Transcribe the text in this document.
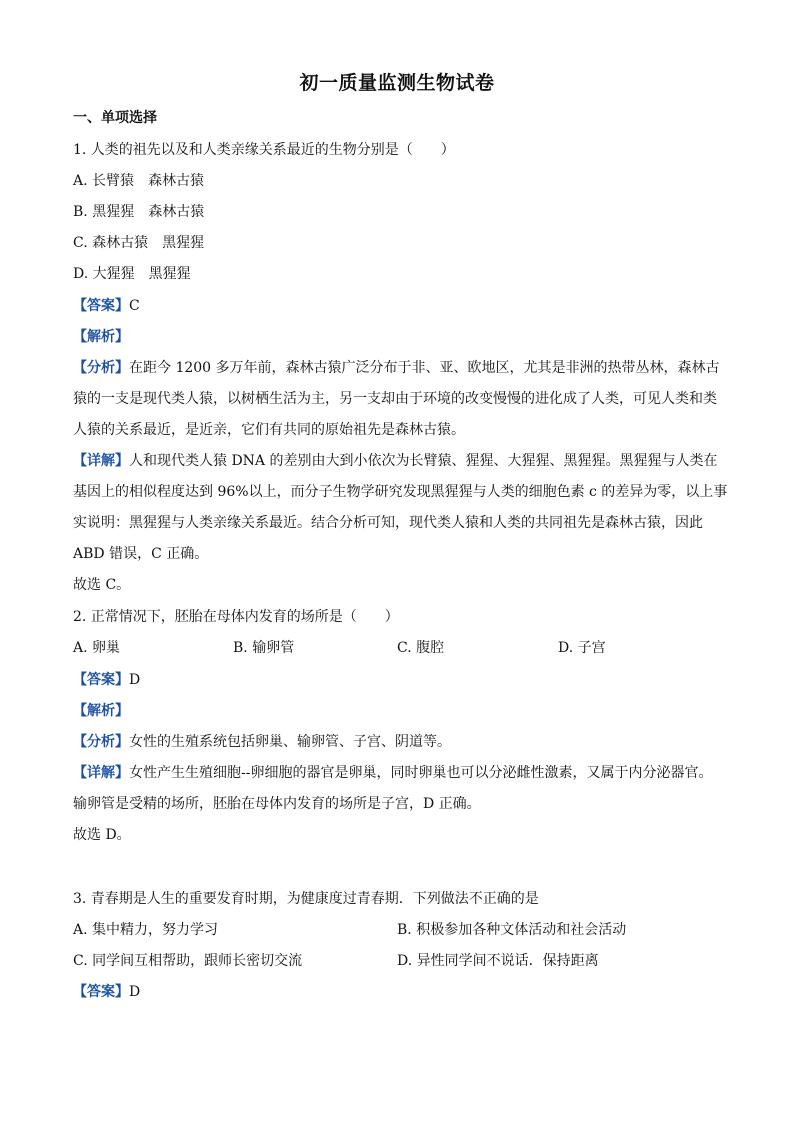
初一质量监测生物试卷
一、单项选择
1. 人类的祖先以及和人类亲缘关系最近的生物分别是（　　）
A. 长臂猿　森林古猿
B. 黑猩猩　森林古猿
C. 森林古猿　黑猩猩
D. 大猩猩　黑猩猩
【答案】C
【解析】
【分析】在距今 1200 多万年前，森林古猿广泛分布于非、亚、欧地区，尤其是非洲的热带丛林，森林古
猿的一支是现代类人猿，以树栖生活为主，另一支却由于环境的改变慢慢的进化成了人类，可见人类和类
人猿的关系最近，是近亲，它们有共同的原始祖先是森林古猿。
【详解】人和现代类人猿 DNA 的差别由大到小依次为长臂猿、猩猩、大猩猩、黑猩猩。黑猩猩与人类在
基因上的相似程度达到 96%以上，而分子生物学研究发现黑猩猩与人类的细胞色素 c 的差异为零，以上事
实说明：黑猩猩与人类亲缘关系最近。结合分析可知，现代类人猿和人类的共同祖先是森林古猿，因此
ABD 错误，C 正确。
故选 C。
2. 正常情况下，胚胎在母体内发育的场所是（　　）
A. 卵巢	B. 输卵管	C. 腹腔	D. 子宫
【答案】D
【解析】
【分析】女性的生殖系统包括卵巢、输卵管、子宫、阴道等。
【详解】女性产生生殖细胞--卵细胞的器官是卵巢，同时卵巢也可以分泌雌性激素，又属于内分泌器官。
输卵管是受精的场所，胚胎在母体内发育的场所是子宫，D 正确。
故选 D。
3. 青春期是人生的重要发育时期，为健康度过青春期．下列做法不正确的是
A. 集中精力，努力学习	B. 积极参加各种文体活动和社会活动
C. 同学间互相帮助，跟师长密切交流	D. 异性同学间不说话．保持距离
【答案】D
